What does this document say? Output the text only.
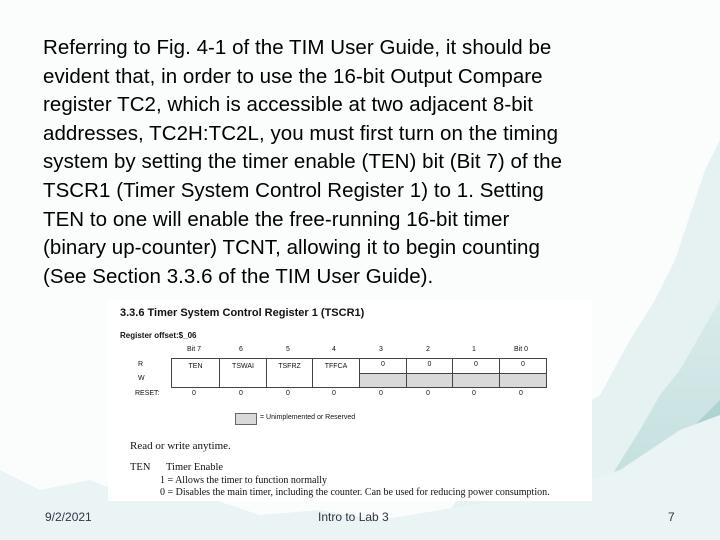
Referring to Fig. 4-1 of the TIM User Guide, it should be
evident that, in order to use the 16-bit Output Compare
register TC2, which is accessible at two adjacent 8-bit
addresses, TC2H:TC2L, you must first turn on the timing
system by setting the timer enable (TEN) bit (Bit 7) of the
TSCR1 (Timer System Control Register 1) to 1. Setting
TEN to one will enable the free-running 16-bit timer
(binary up-counter) TCNT, allowing it to begin counting
(See Section 3.3.6 of the TIM User Guide).

3.3.6 Timer System Control Register 1 (TSCR1)
Register offset:$_06
Bit 7	6	5	4	3	2	1	Bit 0
R
W
TEN	TSWAI	TSFRZ	TFFCA	0	0	0	0
RESET:	0	0	0	0	0	0	0	0
= Unimplemented or Reserved
Read or write anytime.
TEN Timer Enable
1 = Allows the timer to function normally
0 = Disables the main timer, including the counter. Can be used for reducing power consumption.
9/2/2021	Intro to Lab 3	7
